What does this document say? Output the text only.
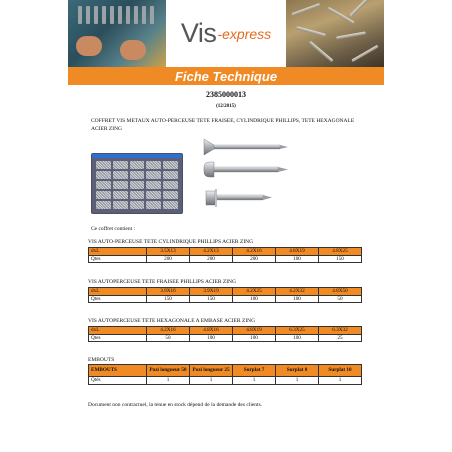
Vis -express
Fiche Technique
2385000013
(12/2015)
COFFRET VIS METAUX AUTO-PERCEUSE TETE FRAISEE, CYLINDRIQUE PHILLIPS, TETE HEXAGONALE ACIER ZING
Ce coffret contient :
VIS AUTO-PERCEUSE TETE CYLINDRIQUE PHILLIPS ACIER ZING
dxL	3.5X13	4.2X13	4.2X16	4.8X19	4.8X25
Qtes	200	200	200	100	150
VIS AUTOPERCEUSE TETE FRAISEE PHILLIPS ACIER ZING
dxL	3.9X16	3.9X19	4.2X25	4.2X32	4.8X50
Qtes	150	150	100	100	50
VIS AUTOPERCEUSE TETE HEXAGONALE A EMBASE ACIER ZING
dxL	4.2X16	4.8X16	4.8X19	6.3X25	6.3X32
Qtes	50	100	100	100	25
EMBOUTS
EMBOUTS	Pozi longueur 50	Pozi longueur 25	Surplat 7	Surplat 8	Surplat 10
Qtés	1	1	1	1	1
Document non contractuel, la tenue en stock dépend de la demande des clients.
